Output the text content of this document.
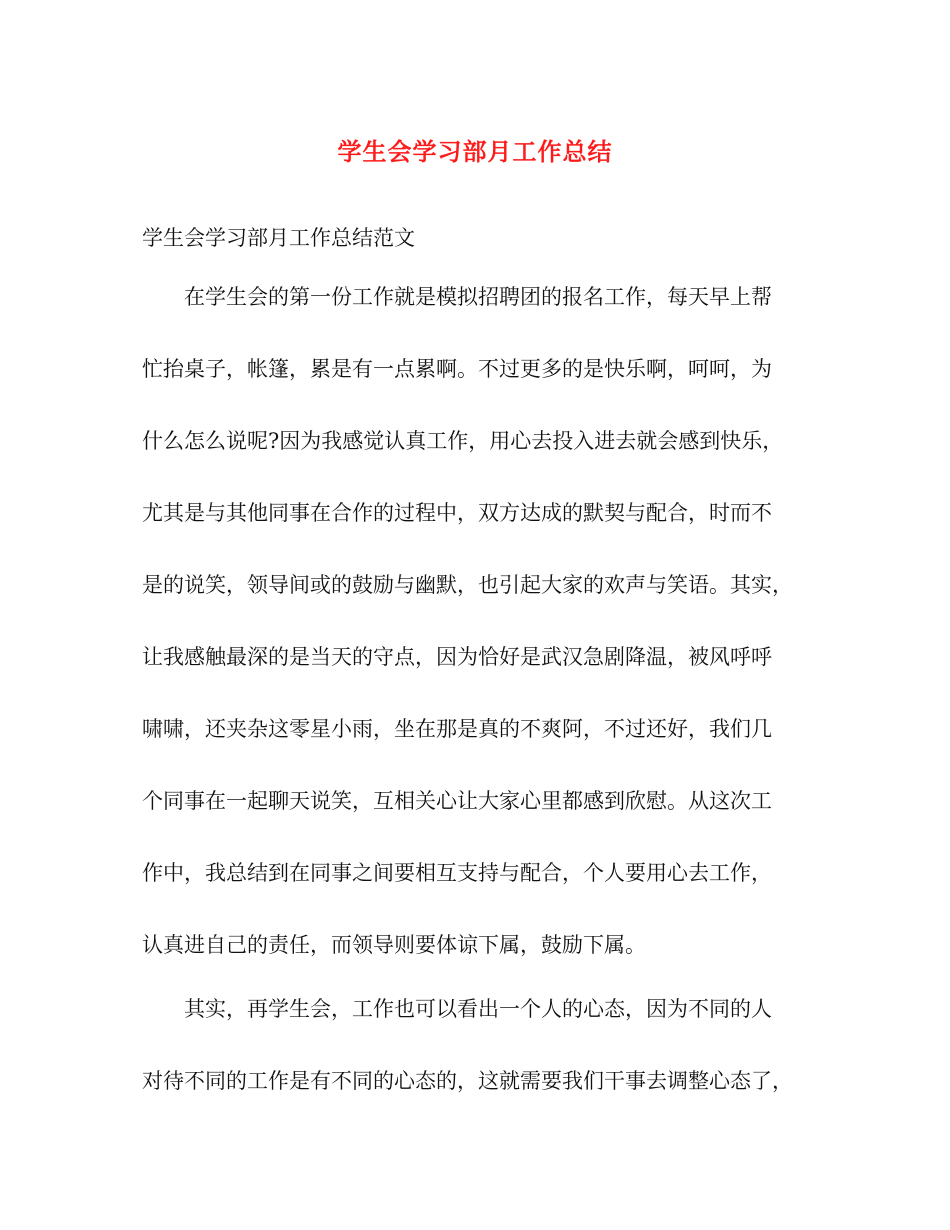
学生会学习部月工作总结

学生会学习部月工作总结范文

在学生会的第一份工作就是模拟招聘团的报名工作，每天早上帮

忙抬桌子，帐篷，累是有一点累啊。不过更多的是快乐啊，呵呵，为

什么怎么说呢?因为我感觉认真工作，用心去投入进去就会感到快乐，

尤其是与其他同事在合作的过程中，双方达成的默契与配合，时而不

是的说笑，领导间或的鼓励与幽默，也引起大家的欢声与笑语。其实，

让我感触最深的是当天的守点，因为恰好是武汉急剧降温，被风呼呼

啸啸，还夹杂这零星小雨，坐在那是真的不爽阿，不过还好，我们几

个同事在一起聊天说笑，互相关心让大家心里都感到欣慰。从这次工

作中，我总结到在同事之间要相互支持与配合，个人要用心去工作，

认真进自己的责任，而领导则要体谅下属，鼓励下属。

其实，再学生会，工作也可以看出一个人的心态，因为不同的人

对待不同的工作是有不同的心态的，这就需要我们干事去调整心态了，
